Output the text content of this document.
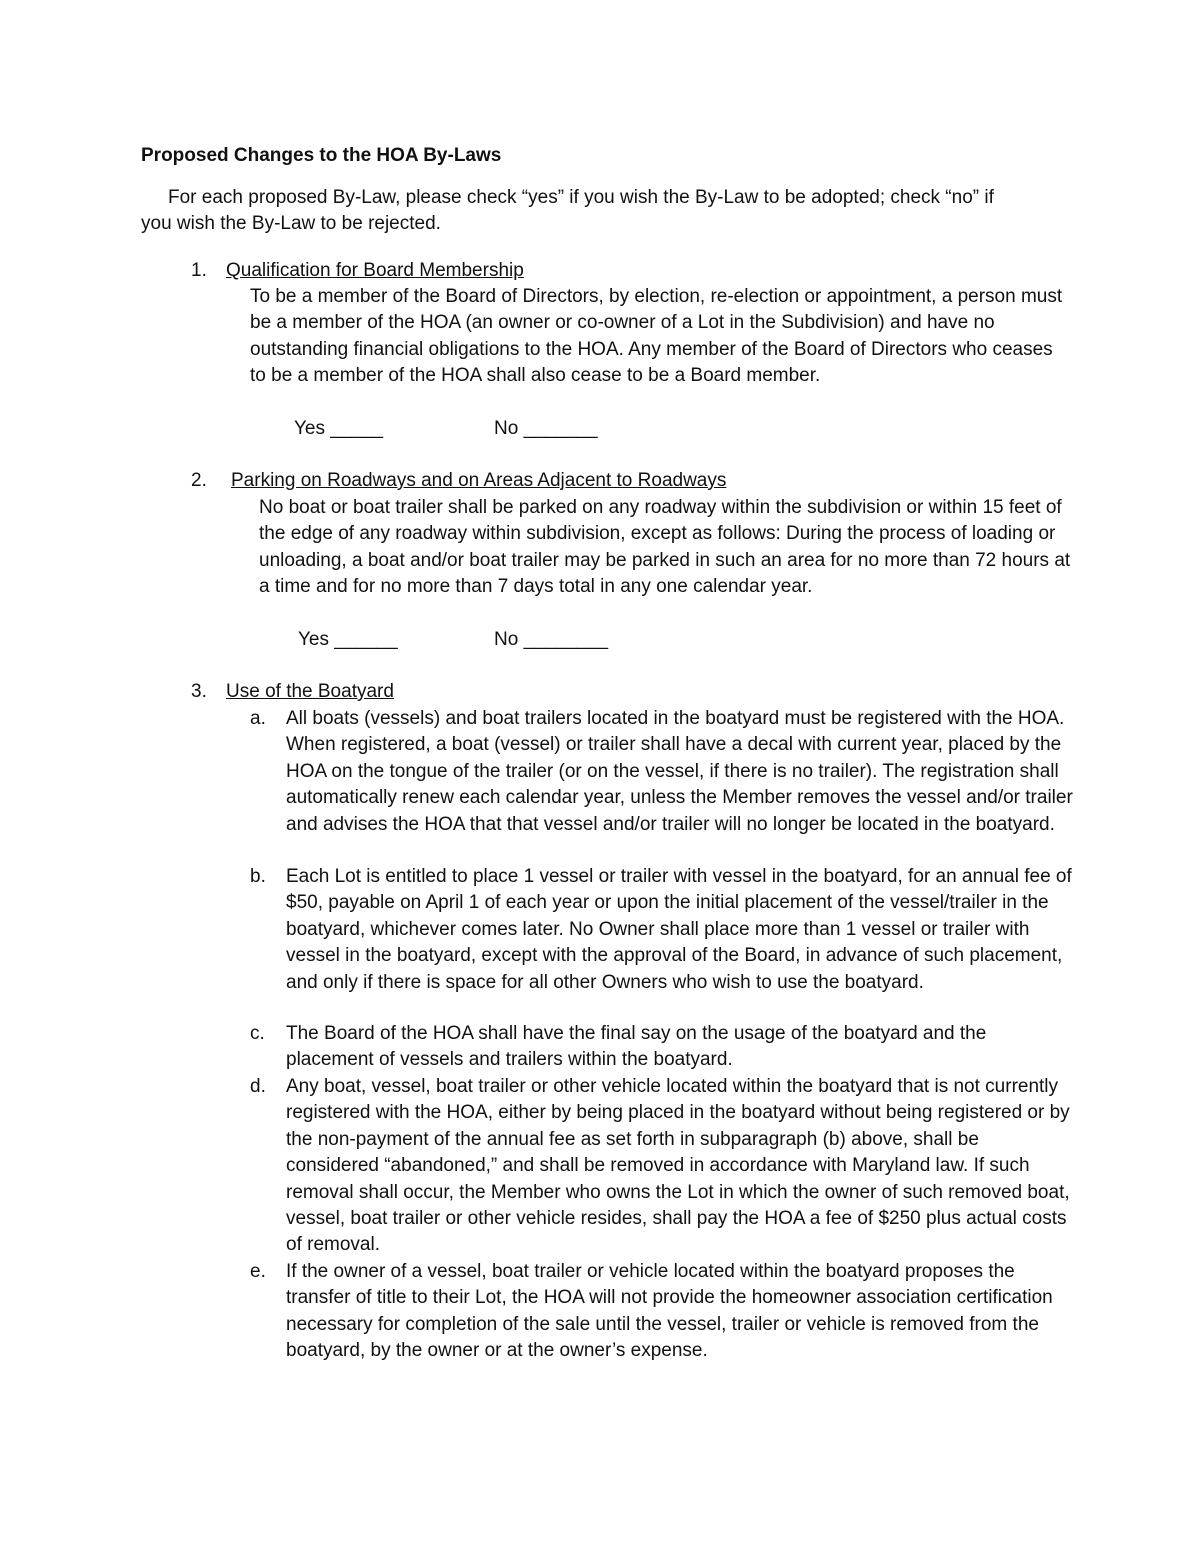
Proposed Changes to the HOA By-Laws
For each proposed By-Law, please check “yes” if you wish the By-Law to be adopted; check “no” if
you wish the By-Law to be rejected.
1.	Qualification for Board Membership
To be a member of the Board of Directors, by election, re-election or appointment, a person must be a member of the HOA (an owner or co-owner of a Lot in the Subdivision) and have no outstanding financial obligations to the HOA. Any member of the Board of Directors who ceases to be a member of the HOA shall also cease to be a Board member.
Yes _____	No _______
2.	Parking on Roadways and on Areas Adjacent to Roadways
No boat or boat trailer shall be parked on any roadway within the subdivision or within 15 feet of the edge of any roadway within subdivision, except as follows: During the process of loading or unloading, a boat and/or boat trailer may be parked in such an area for no more than 72 hours at a time and for no more than 7 days total in any one calendar year.
Yes ______	No ________
3.	Use of the Boatyard
a.	All boats (vessels) and boat trailers located in the boatyard must be registered with the HOA. When registered, a boat (vessel) or trailer shall have a decal with current year, placed by the HOA on the tongue of the trailer (or on the vessel, if there is no trailer). The registration shall automatically renew each calendar year, unless the Member removes the vessel and/or trailer and advises the HOA that that vessel and/or trailer will no longer be located in the boatyard.
b.	Each Lot is entitled to place 1 vessel or trailer with vessel in the boatyard, for an annual fee of $50, payable on April 1 of each year or upon the initial placement of the vessel/trailer in the boatyard, whichever comes later. No Owner shall place more than 1 vessel or trailer with vessel in the boatyard, except with the approval of the Board, in advance of such placement, and only if there is space for all other Owners who wish to use the boatyard.
c.	The Board of the HOA shall have the final say on the usage of the boatyard and the placement of vessels and trailers within the boatyard.
d.	Any boat, vessel, boat trailer or other vehicle located within the boatyard that is not currently registered with the HOA, either by being placed in the boatyard without being registered or by the non-payment of the annual fee as set forth in subparagraph (b) above, shall be considered “abandoned,” and shall be removed in accordance with Maryland law. If such removal shall occur, the Member who owns the Lot in which the owner of such removed boat, vessel, boat trailer or other vehicle resides, shall pay the HOA a fee of $250 plus actual costs of removal.
e.	If the owner of a vessel, boat trailer or vehicle located within the boatyard proposes the transfer of title to their Lot, the HOA will not provide the homeowner association certification necessary for completion of the sale until the vessel, trailer or vehicle is removed from the boatyard, by the owner or at the owner’s expense.
